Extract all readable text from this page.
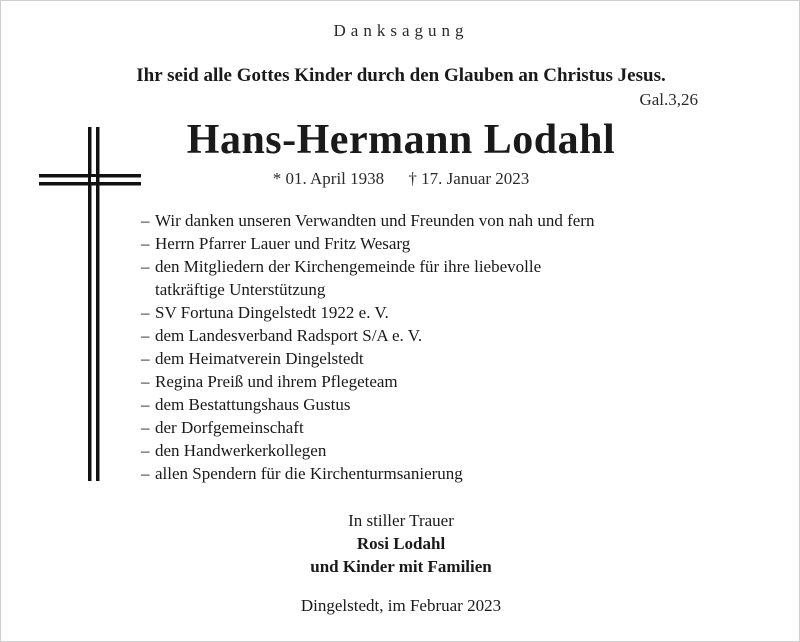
Danksagung
Ihr seid alle Gottes Kinder durch den Glauben an Christus Jesus.
Gal.3,26
Hans-Hermann Lodahl
* 01. April 1938 † 17. Januar 2023
– Wir danken unseren Verwandten und Freunden von nah und fern
– Herrn Pfarrer Lauer und Fritz Wesarg
– den Mitgliedern der Kirchengemeinde für ihre liebevolle
tatkräftige Unterstützung
– SV Fortuna Dingelstedt 1922 e. V.
– dem Landesverband Radsport S/A e. V.
– dem Heimatverein Dingelstedt
– Regina Preiß und ihrem Pflegeteam
– dem Bestattungshaus Gustus
– der Dorfgemeinschaft
– den Handwerkerkollegen
– allen Spendern für die Kirchenturmsanierung
In stiller Trauer
Rosi Lodahl
und Kinder mit Familien
Dingelstedt, im Februar 2023
